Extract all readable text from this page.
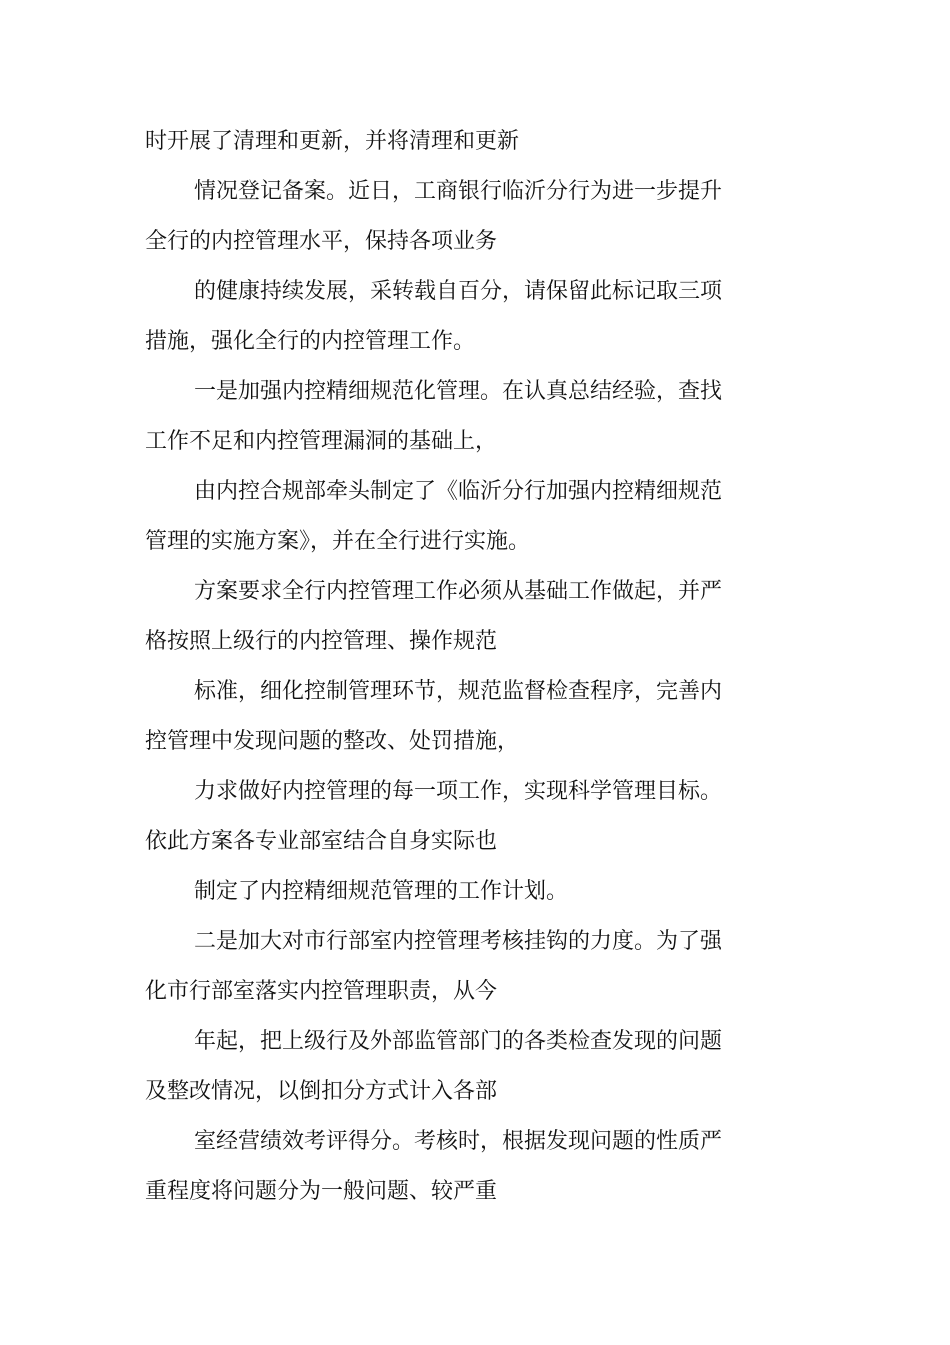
时开展了清理和更新，并将清理和更新
情况登记备案。近日，工商银行临沂分行为进一步提升
全行的内控管理水平，保持各项业务
的健康持续发展，采转载自百分，请保留此标记取三项
措施，强化全行的内控管理工作。
一是加强内控精细规范化管理。在认真总结经验，查找
工作不足和内控管理漏洞的基础上，
由内控合规部牵头制定了《临沂分行加强内控精细规范
管理的实施方案》，并在全行进行实施。
方案要求全行内控管理工作必须从基础工作做起，并严
格按照上级行的内控管理、操作规范
标准，细化控制管理环节，规范监督检查程序，完善内
控管理中发现问题的整改、处罚措施，
力求做好内控管理的每一项工作，实现科学管理目标。
依此方案各专业部室结合自身实际也
制定了内控精细规范管理的工作计划。
二是加大对市行部室内控管理考核挂钩的力度。为了强
化市行部室落实内控管理职责，从今
年起，把上级行及外部监管部门的各类检查发现的问题
及整改情况，以倒扣分方式计入各部
室经营绩效考评得分。考核时，根据发现问题的性质严
重程度将问题分为一般问题、较严重
